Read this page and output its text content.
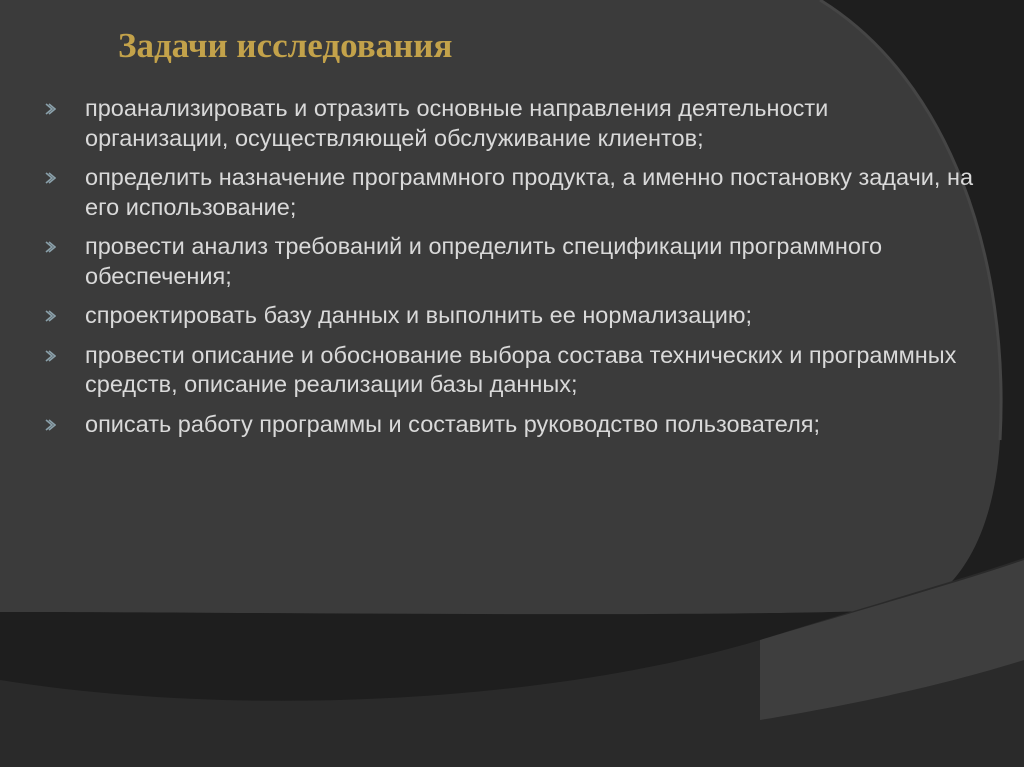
Задачи исследования
проанализировать и отразить основные направления деятельности организации, осуществляющей обслуживание клиентов;
определить назначение программного продукта, а именно постановку задачи, на его использование;
провести анализ требований и определить спецификации программного обеспечения;
спроектировать базу данных и выполнить ее нормализацию;
провести описание и обоснование выбора состава технических и программных средств, описание реализации базы данных;
описать работу программы и составить руководство пользователя;
